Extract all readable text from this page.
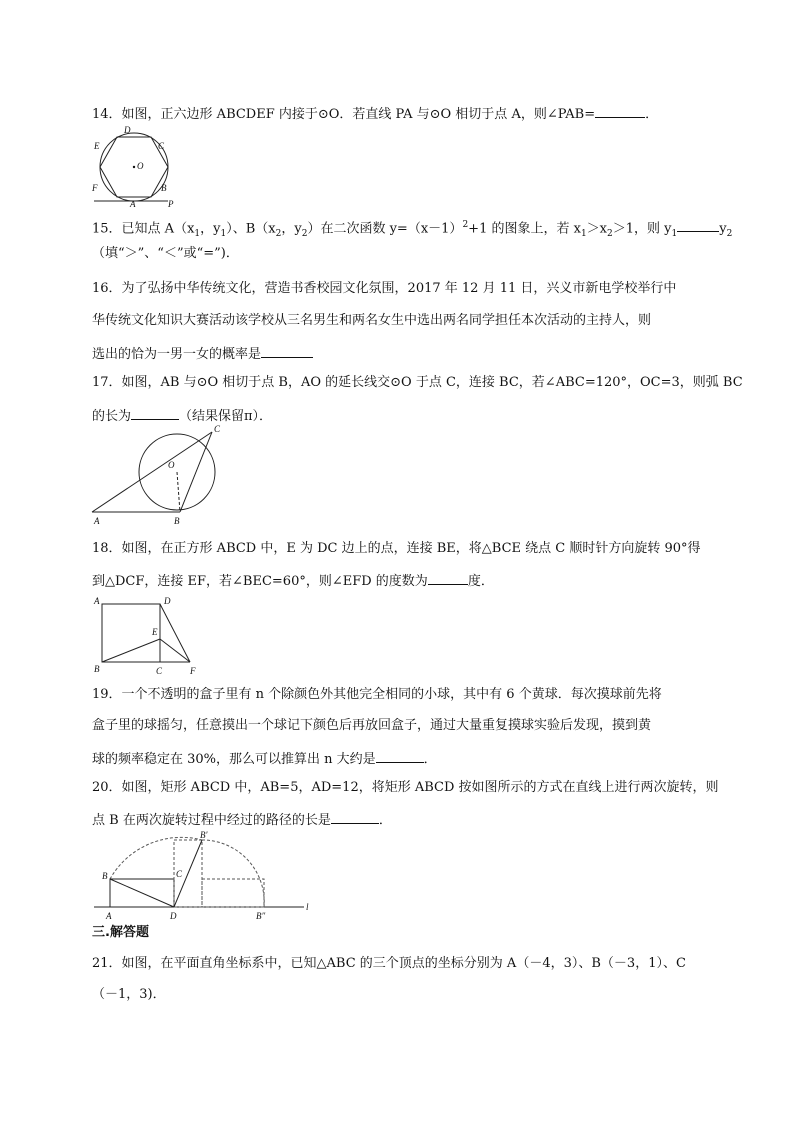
14．如图，正六边形 ABCDEF 内接于⊙O．若直线 PA 与⊙O 相切于点 A，则∠PAB=	．
D
E	C
O
F	B
A	P
15．已知点 $A(x_1$，$y_1$）、$B(x_2$，$y_2$）在二次函数 $y=(x-1)^2+1$ 的图象上，若 $x_1>x_2>1$，则 $y_1$	$y_2$
（填“＞”、“＜”或“=”)．
16．为了弘扬中华传统文化，营造书香校园文化氛围，2017 年 12 月 11 日，兴义市新电学校举行中
华传统文化知识大赛活动该学校从三名男生和两名女生中选出两名同学担任本次活动的主持人，则
选出的恰为一男一女的概率是
17．如图，AB 与⊙O 相切于点 B，AO 的延长线交⊙O 于点 C，连接 BC，若∠ABC=120°，OC=3，则弧 BC
的长为	（结果保留π）．
O
C
A	B
18．如图，在正方形 ABCD 中，E 为 DC 边上的点，连接 BE，将△BCE 绕点 C 顺时针方向旋转 90°得
到△DCF，连接 EF，若∠BEC=60°，则∠EFD 的度数为	度．
A	D
E
B	C	F
19．一个不透明的盒子里有 n 个除颜色外其他完全相同的小球，其中有 6 个黄球．每次摸球前先将
盒子里的球摇匀，任意摸出一个球记下颜色后再放回盒子，通过大量重复摸球实验后发现，摸到黄
球的频率稳定在 30%，那么可以推算出 n 大约是	．
20．如图，矩形 ABCD 中，AB=5，AD=12，将矩形 ABCD 按如图所示的方式在直线上进行两次旋转，则
点 B 在两次旋转过程中经过的路径的长是	．
B'
B	C
B″
A	D
l
三.解答题
21．如图，在平面直角坐标系中，已知△ABC 的三个顶点的坐标分别为 A（－4，3）、B（－3，1）、C
（－1，3)．
